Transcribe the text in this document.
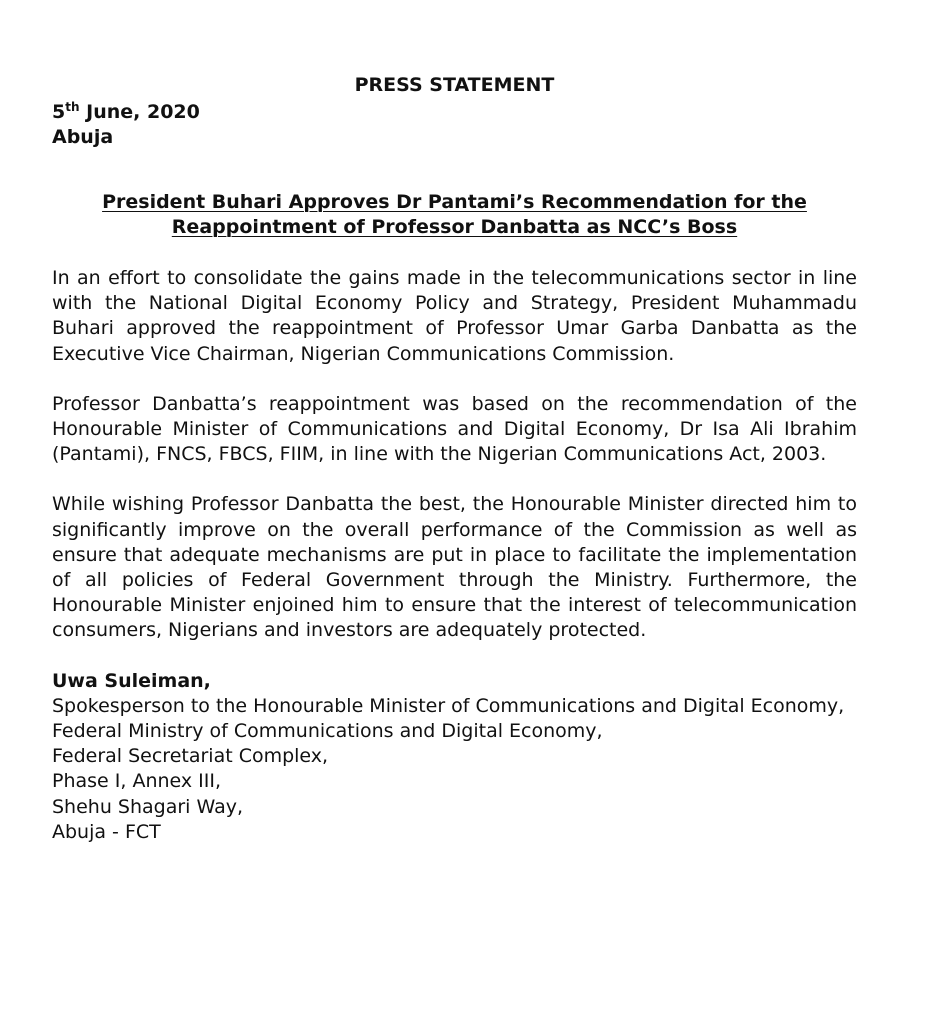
PRESS STATEMENT
5th June, 2020
Abuja
President Buhari Approves Dr Pantami’s Recommendation for the
Reappointment of Professor Danbatta as NCC’s Boss

In an effort to consolidate the gains made in the telecommunications sector in line with the National Digital Economy Policy and Strategy, President Muhammadu Buhari approved the reappointment of Professor Umar Garba Danbatta as the Executive Vice Chairman, Nigerian Communications Commission.

Professor Danbatta’s reappointment was based on the recommendation of the Honourable Minister of Communications and Digital Economy, Dr Isa Ali Ibrahim (Pantami), FNCS, FBCS, FIIM, in line with the Nigerian Communications Act, 2003.

While wishing Professor Danbatta the best, the Honourable Minister directed him to significantly improve on the overall performance of the Commission as well as ensure that adequate mechanisms are put in place to facilitate the implementation of all policies of Federal Government through the Ministry. Furthermore, the Honourable Minister enjoined him to ensure that the interest of telecommunication consumers, Nigerians and investors are adequately protected.

Uwa Suleiman,
Spokesperson to the Honourable Minister of Communications and Digital Economy,
Federal Ministry of Communications and Digital Economy,
Federal Secretariat Complex,
Phase I, Annex III,
Shehu Shagari Way,
Abuja - FCT
